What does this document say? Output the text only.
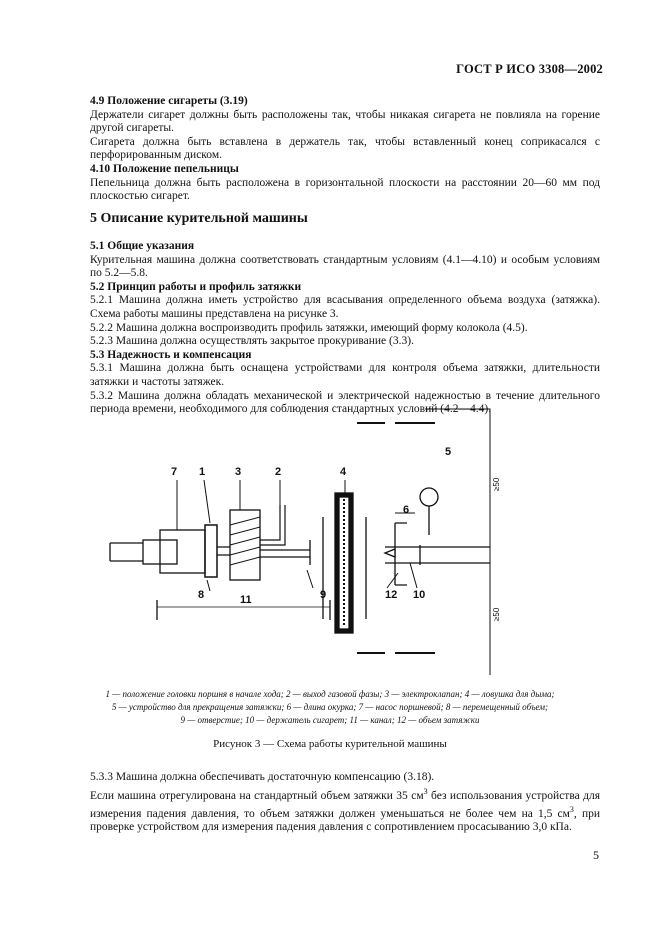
ГОСТ Р ИСО 3308—2002
4.9 Положение сигареты (3.19)

Держатели сигарет должны быть расположены так, чтобы никакая сигарета не повлияла на горение другой сигареты.

Сигарета должна быть вставлена в держатель так, чтобы вставленный конец соприкасался с перфорированным диском.

4.10 Положение пепельницы

Пепельница должна быть расположена в горизонтальной плоскости на расстоянии 20—60 мм под плоскостью сигарет.

5 Описание курительной машины
5.1 Общие указания

Курительная машина должна соответствовать стандартным условиям (4.1—4.10) и особым условиям по 5.2—5.8.

5.2 Принцип работы и профиль затяжки

5.2.1 Машина должна иметь устройство для всасывания определенного объема воздуха (затяжка). Схема работы машины представлена на рисунке 3.

5.2.2 Машина должна воспроизводить профиль затяжки, имеющий форму колокола (4.5).

5.2.3 Машина должна осуществлять закрытое прокуривание (3.3).

5.3 Надежность и компенсация

5.3.1 Машина должна быть оснащена устройствами для контроля объема затяжки, длительности затяжки и частоты затяжек.

5.3.2 Машина должна обладать механической и электрической надежностью в течение длительного периода времени, необходимого для соблюдения стандартных условий (4.2—4.4).

7 1	3	2	4
5
6
8	9	12 10
11
≥50
≥50
1 — положение головки поршня в начале хода; 2 — выход газовой фазы; 3 — электроклапан; 4 — ловушка для дыма;
5 — устройство для прекращения затяжки; 6 — длина окурка; 7 — насос поршневой; 8 — перемещенный объем;
9 — отверстие; 10 — держатель сигарет; 11 — канал; 12 — объем затяжки
Рисунок 3 — Схема работы курительной машины

5.3.3 Машина должна обеспечивать достаточную компенсацию (3.18).

Если машина отрегулирована на стандартный объем затяжки 35 $см^3$ без использования устройства для измерения падения давления, то объем затяжки должен уменьшаться не более чем на 1,5 $см^3$, при проверке устройством для измерения падения давления с сопротивлением просасыванию 3,0 кПа.

5
